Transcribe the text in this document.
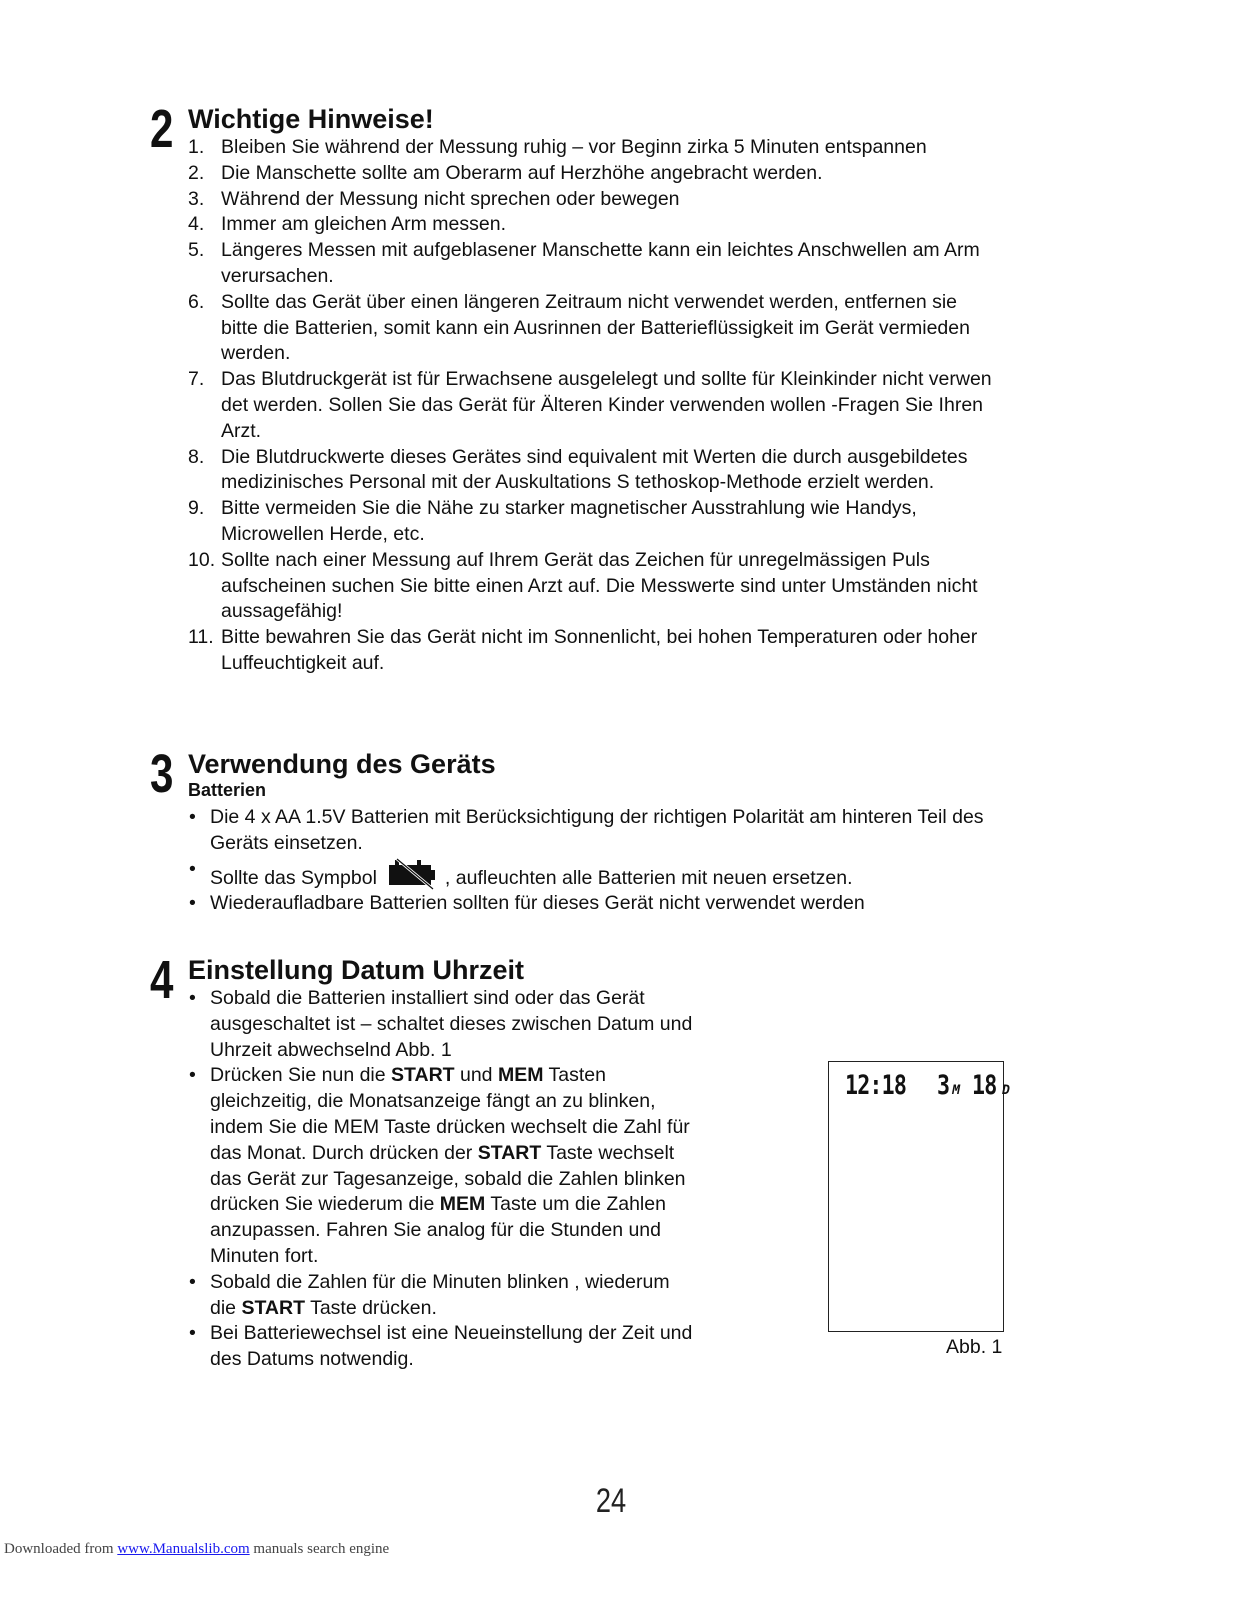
2 Wichtige Hinweise!
1. Bleiben Sie während der Messung ruhig – vor Beginn zirka 5 Minuten entspannen
2. Die Manschette sollte am Oberarm auf Herzhöhe angebracht werden.
3. Während der Messung nicht sprechen oder bewegen
4. Immer am gleichen Arm messen.
5. Längeres Messen mit aufgeblasener Manschette kann ein leichtes Anschwellen am Arm verursachen.
6. Sollte das Gerät über einen längeren Zeitraum nicht verwendet werden, entfernen sie bitte die Batterien, somit kann ein Ausrinnen der Batterieflüssigkeit im Gerät vermieden werden.
7. Das Blutdruckgerät ist für Erwachsene ausgelelegt und sollte für Kleinkinder nicht verwen det werden. Sollen Sie das Gerät für Älteren Kinder verwenden wollen -Fragen Sie Ihren Arzt.
8. Die Blutdruckwerte dieses Gerätes sind equivalent mit Werten die durch ausgebildetes medizinisches Personal mit der Auskultations S tethoskop-Methode erzielt werden.
9. Bitte vermeiden Sie die Nähe zu starker magnetischer Ausstrahlung wie Handys, Microwellen Herde, etc.
10. Sollte nach einer Messung auf Ihrem Gerät das Zeichen für unregelmässigen Puls aufscheinen suchen Sie bitte einen Arzt auf. Die Messwerte sind unter Umständen nicht aussagefähig!
11. Bitte bewahren Sie das Gerät nicht im Sonnenlicht, bei hohen Temperaturen oder hoher Luffeuchtigkeit auf.
3 Verwendung des Geräts
Batterien
• Die 4 x AA 1.5V Batterien mit Berücksichtigung der richtigen Polarität am hinteren Teil des Geräts einsetzen.
• Sollte das Sympbol	, aufleuchten alle Batterien mit neuen ersetzen.
• Wiederaufladbare Batterien sollten für dieses Gerät nicht verwendet werden
4 Einstellung Datum Uhrzeit
• Sobald die Batterien installiert sind oder das Gerät ausgeschaltet ist – schaltet dieses zwischen Datum und Uhrzeit abwechselnd Abb. 1
• Drücken Sie nun die START und MEM Tasten gleichzeitig, die Monatsanzeige fängt an zu blinken, indem Sie die MEM Taste drücken wechselt die Zahl für das Monat. Durch drücken der START Taste wechselt das Gerät zur Tagesanzeige, sobald die Zahlen blinken drücken Sie wiederum die MEM Taste um die Zahlen anzupassen. Fahren Sie analog für die Stunden und Minuten fort.
• Sobald die Zahlen für die Minuten blinken , wiederum die START Taste drücken.
• Bei Batteriewechsel ist eine Neueinstellung der Zeit und des Datums notwendig.
12:18 3 M 18 D
Abb. 1
24
Downloaded from www.Manualslib.com manuals search engine
